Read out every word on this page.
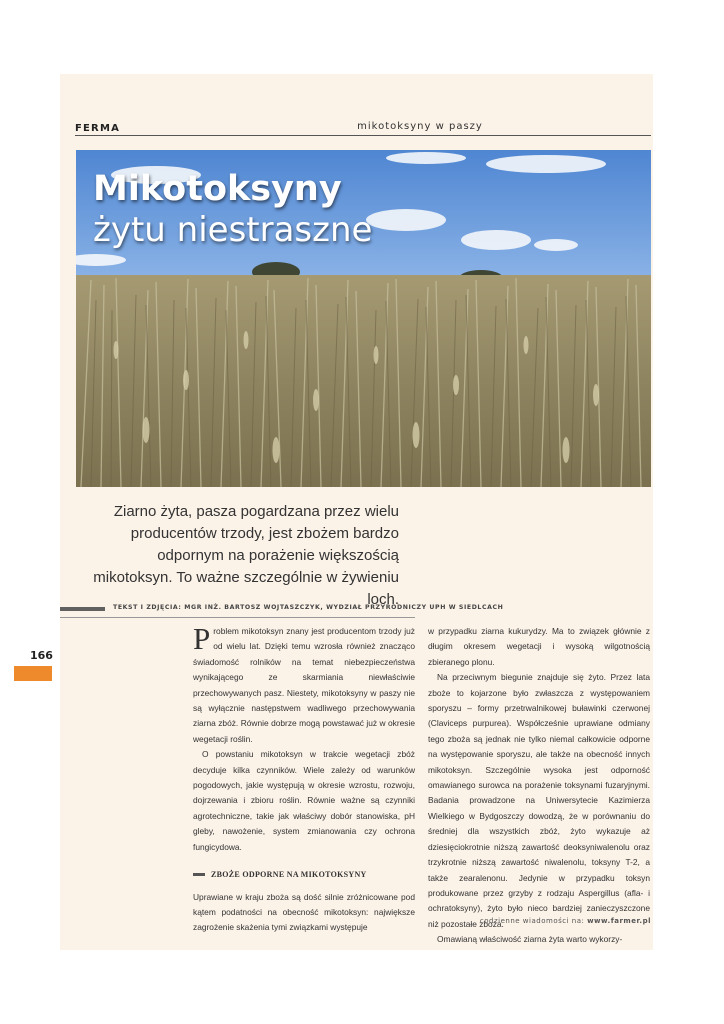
FERMA	mikotoksyny w paszy
Mikotoksyny
żytu niestraszne
Ziarno żyta, pasza pogardzana przez wielu producentów trzody, jest zbożem bardzo odpornym na porażenie większością mikotoksyn. To ważne szczególnie w żywieniu loch.
TEKST I ZDJĘCIA: MGR INŻ. BARTOSZ WOJTASZCZYK, WYDZIAŁ PRZYRODNICZY UPH W SIEDLCACH
166	Problem mikotoksyn znany jest producentom trzody już od wielu lat. Dzięki temu wzrosła również znacząco świadomość rolników na temat niebezpieczeństwa wynikającego ze skarmiania niewłaściwie przechowywanych pasz. Niestety, mikotoksyny w paszy nie są wyłącznie następstwem wadliwego przechowywania ziarna zbóż. Równie dobrze mogą powstawać już w okresie wegetacji roślin.

O powstaniu mikotoksyn w trakcie wegetacji zbóż decyduje kilka czynników. Wiele zależy od warunków pogodowych, jakie występują w okresie wzrostu, rozwoju, dojrzewania i zbioru roślin. Równie ważne są czynniki agrotechniczne, takie jak właściwy dobór stanowiska, pH gleby, nawożenie, system zmianowania czy ochrona fungicydowa.

ZBOŻE ODPORNE NA MIKOTOKSYNY

Uprawiane w kraju zboża są dość silnie zróżnicowane pod kątem podatności na obecność mikotoksyn: największe zagrożenie skażenia tymi związkami występuje

w przypadku ziarna kukurydzy. Ma to związek głównie z długim okresem wegetacji i wysoką wilgotnością zbieranego plonu.

Na przeciwnym biegunie znajduje się żyto. Przez lata zboże to kojarzone było zwłaszcza z występowaniem sporyszu – formy przetrwalnikowej buławinki czerwonej (Claviceps purpurea). Współcześnie uprawiane odmiany tego zboża są jednak nie tylko niemal całkowicie odporne na występowanie sporyszu, ale także na obecność innych mikotoksyn. Szczególnie wysoka jest odporność omawianego surowca na porażenie toksynami fuzaryjnymi. Badania prowadzone na Uniwersytecie Kazimierza Wielkiego w Bydgoszczy dowodzą, że w porównaniu do średniej dla wszystkich zbóż, żyto wykazuje aż dziesięciokrotnie niższą zawartość deoksyniwalenolu oraz trzykrotnie niższą zawartość niwalenolu, toksyny T-2, a także zearalenonu. Jedynie w przypadku toksyn produkowane przez grzyby z rodzaju Aspergillus (afla- i ochratoksyny), żyto było nieco bardziej zanieczyszczone niż pozostałe zboża.

Omawianą właściwość ziarna żyta warto wykorzy-

codzienne wiadomości na: www.farmer.pl
